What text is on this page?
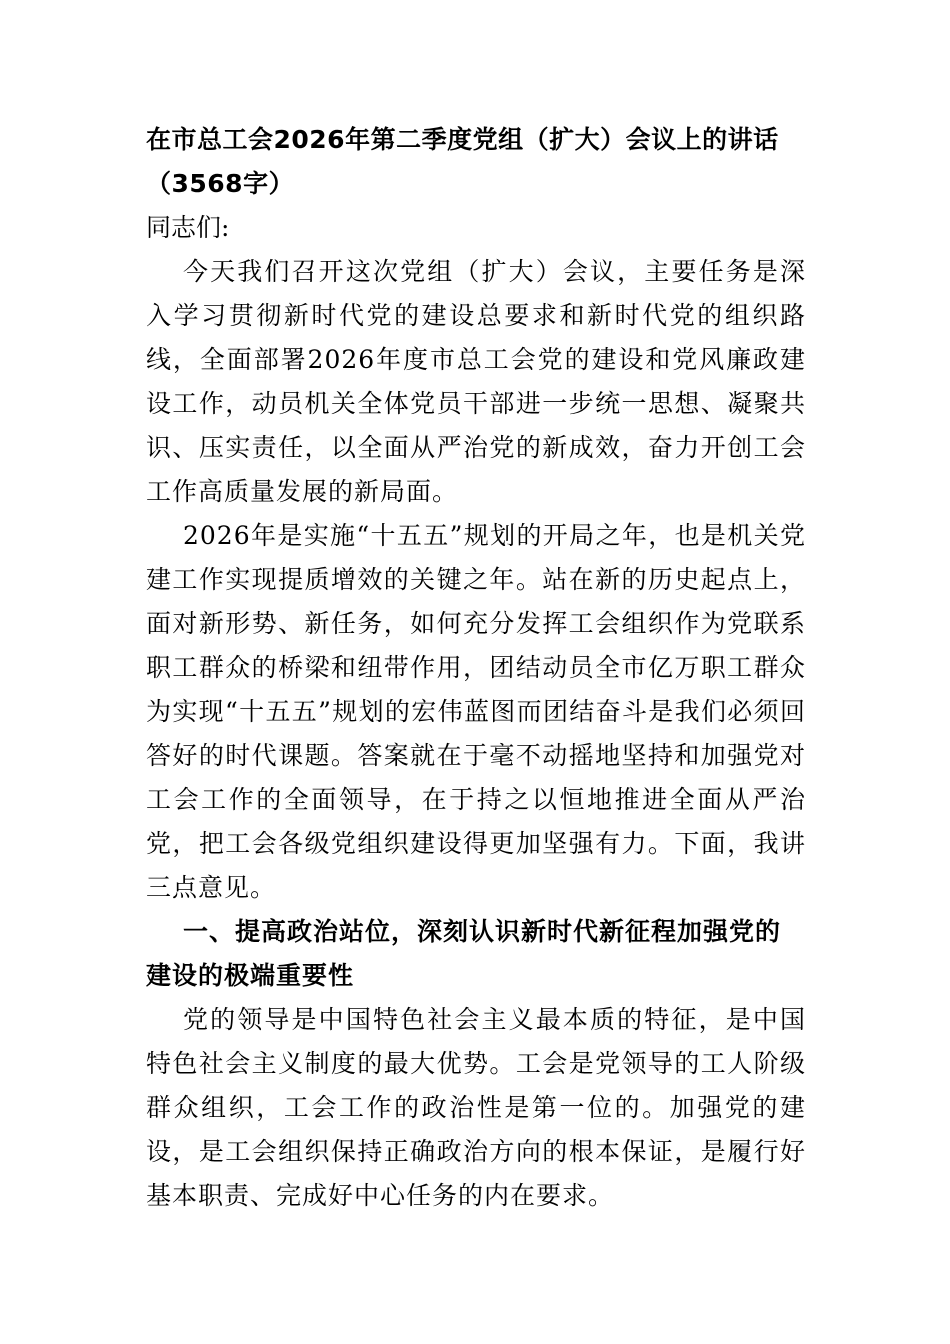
在市总工会2026年第二季度党组（扩大）会议上的讲话（3568字）

同志们:

今天我们召开这次党组（扩大）会议，主要任务是深入学习贯彻新时代党的建设总要求和新时代党的组织路线，全面部署2026年度市总工会党的建设和党风廉政建设工作，动员机关全体党员干部进一步统一思想、凝聚共识、压实责任，以全面从严治党的新成效，奋力开创工会工作高质量发展的新局面。

2026年是实施“十五五”规划的开局之年，也是机关党建工作实现提质增效的关键之年。站在新的历史起点上，面对新形势、新任务，如何充分发挥工会组织作为党联系职工群众的桥梁和纽带作用，团结动员全市亿万职工群众为实现“十五五”规划的宏伟蓝图而团结奋斗是我们必须回答好的时代课题。答案就在于毫不动摇地坚持和加强党对工会工作的全面领导，在于持之以恒地推进全面从严治党，把工会各级党组织建设得更加坚强有力。下面，我讲三点意见。

一、提高政治站位，深刻认识新时代新征程加强党的建设的极端重要性

党的领导是中国特色社会主义最本质的特征，是中国特色社会主义制度的最大优势。工会是党领导的工人阶级群众组织，工会工作的政治性是第一位的。加强党的建设，是工会组织保持正确政治方向的根本保证，是履行好基本职责、完成好中心任务的内在要求。
